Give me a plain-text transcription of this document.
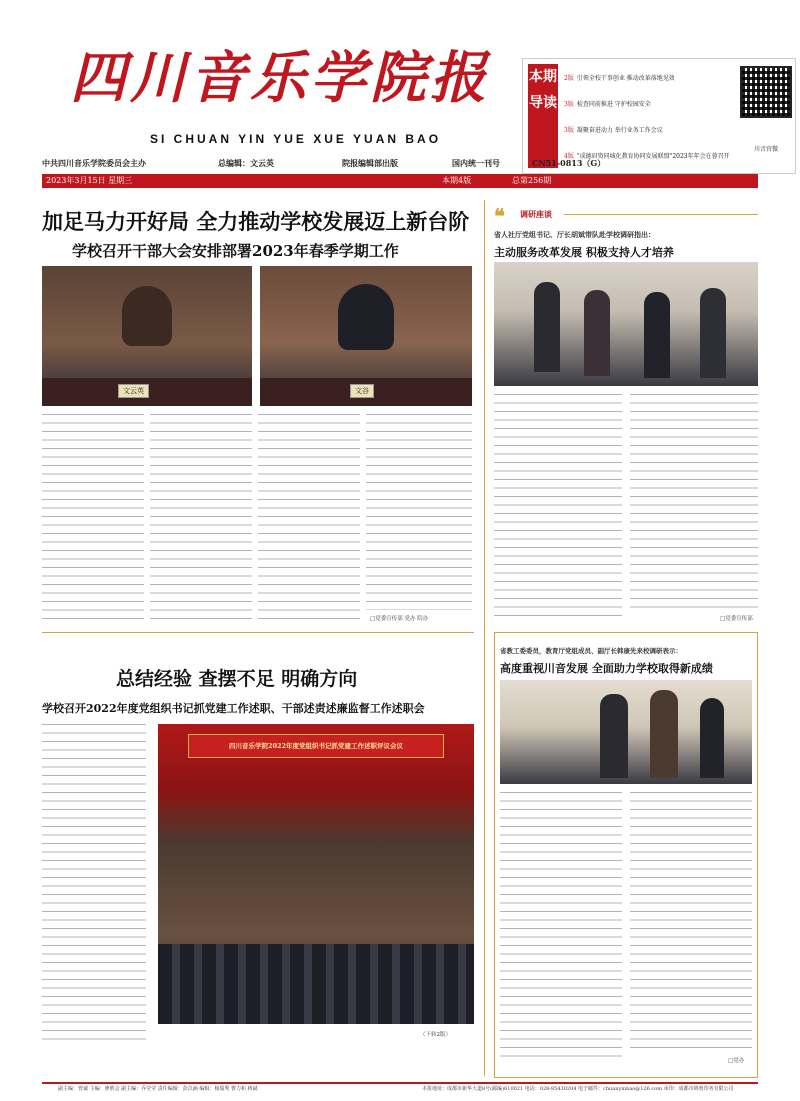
四川音乐学院报
SI CHUAN YIN YUE XUE YUAN BAO
本期导读
2版 引领全校干事创业 推动改革落地见效
3版 检查同前推进 守护校园安全
3版 凝聚奋进动力 举行业务工作会议
4版 "成德眉资同城化教育协同发展联盟"2023年年会在蓉召开
川音官微
中共四川音乐学院委员会主办	总编辑：文云英	院报编辑部出版	国内统一刊号	CN51-0813（G）
2023年3月15日 星期三	本期4版	总第256期
加足马力开好局 全力推动学校发展迈上新台阶
学校召开干部大会安排部署2023年春季学期工作
文云英	文谷
□党委宣传部 党办 院办
总结经验 查摆不足 明确方向
学校召开2022年度党组织书记抓党建工作述职、干部述责述廉监督工作述职会
四川音乐学院2022年度党组织书记抓党建工作述职评议会议
（下转2版）
❝ 调研座谈
省人社厅党组书记、厅长胡斌带队赴学校调研指出：
主动服务改革发展 积极支持人才培养
□党委宣传部
省教工委委员，教育厅党组成员、副厅长韩康先来校调研表示：
高度重视川音发展 全面助力学校取得新成绩
□党办
副主编：曾诚 主编：廖胜会 副主编：乔莹莹 责任编辑：彭苡涵 编辑：杨瑞秀 曹力和 蒋斌	本报地址：成都市新华大道8号(邮编)610021 电话：028-85430204 电子邮件：chuanyinbao@126.com 承印：成都市锦蓉印务有限公司
